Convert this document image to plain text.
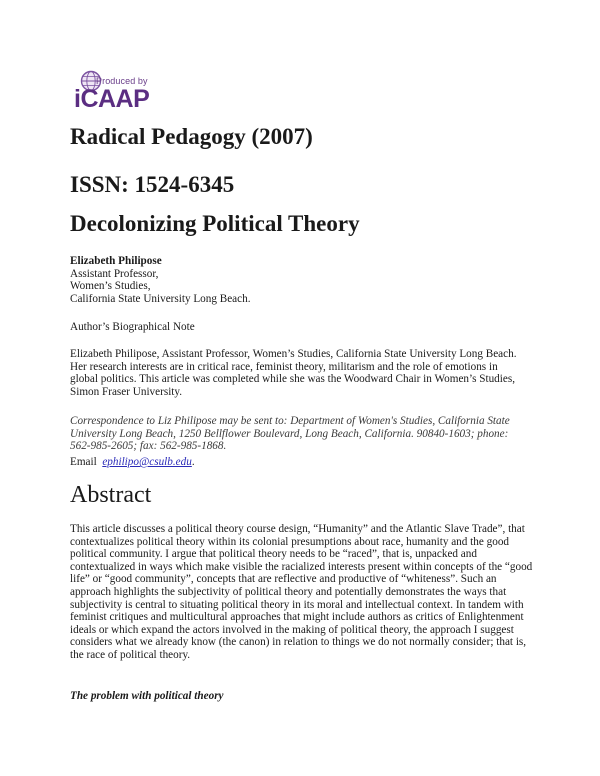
Produced by
iCAAP
Radical Pedagogy (2007)
ISSN: 1524-6345
Decolonizing Political Theory
Elizabeth Philipose
Assistant Professor,
Women’s Studies,
California State University Long Beach.

Author’s Biographical Note

Elizabeth Philipose, Assistant Professor, Women’s Studies, California State University Long Beach. Her research interests are in critical race, feminist theory, militarism and the role of emotions in global politics. This article was completed while she was the Woodward Chair in Women’s Studies, Simon Fraser University.

Correspondence to Liz Philipose may be sent to: Department of Women's Studies, California State University Long Beach, 1250 Bellflower Boulevard, Long Beach, California. 90840-1603; phone: 562-985-2605; fax: 562-985-1868.

Email ephilipo@csulb.edu.

Abstract

This article discusses a political theory course design, “Humanity” and the Atlantic Slave Trade”, that contextualizes political theory within its colonial presumptions about race, humanity and the good political community. I argue that political theory needs to be “raced”, that is, unpacked and contextualized in ways which make visible the racialized interests present within concepts of the “good life” or “good community”, concepts that are reflective and productive of “whiteness”. Such an approach highlights the subjectivity of political theory and potentially demonstrates the ways that subjectivity is central to situating political theory in its moral and intellectual context. In tandem with feminist critiques and multicultural approaches that might include authors as critics of Enlightenment ideals or which expand the actors involved in the making of political theory, the approach I suggest considers what we already know (the canon) in relation to things we do not normally consider; that is, the race of political theory.

The problem with political theory
